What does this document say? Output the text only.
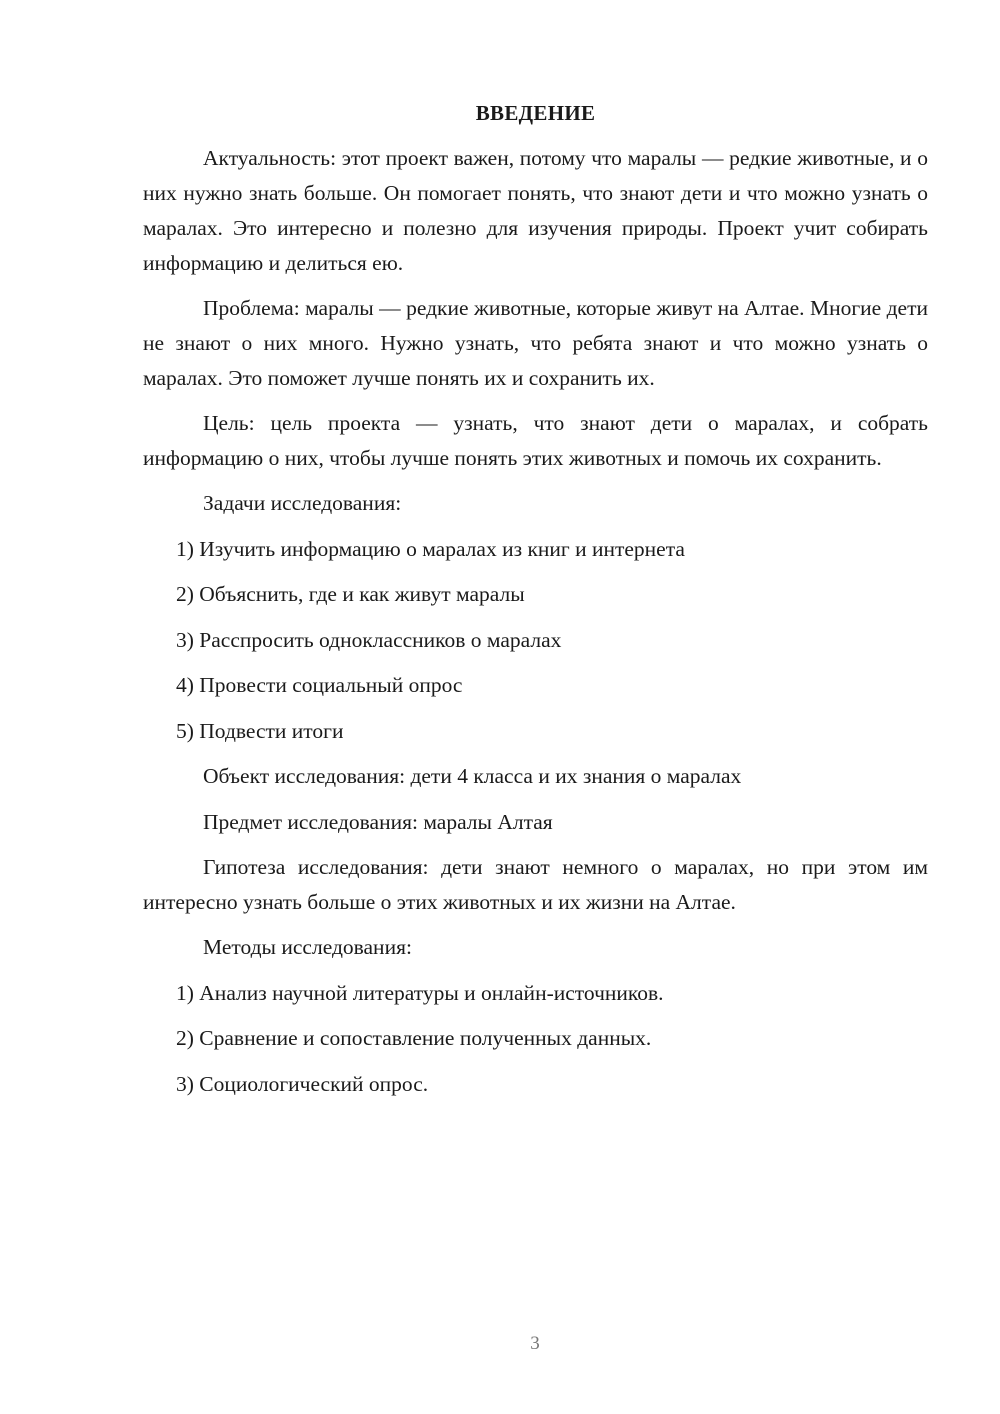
ВВЕДЕНИЕ

Актуальность: этот проект важен, потому что маралы — редкие животные, и о них нужно знать больше. Он помогает понять, что знают дети и что можно узнать о маралах. Это интересно и полезно для изучения природы. Проект учит собирать информацию и делиться ею.

Проблема: маралы — редкие животные, которые живут на Алтае. Многие дети не знают о них много. Нужно узнать, что ребята знают и что можно узнать о маралах. Это поможет лучше понять их и сохранить их.

Цель: цель проекта — узнать, что знают дети о маралах, и собрать информацию о них, чтобы лучше понять этих животных и помочь их сохранить.

Задачи исследования:
1) Изучить информацию о маралах из книг и интернета
2) Объяснить, где и как живут маралы
3) Расспросить одноклассников о маралах
4) Провести социальный опрос
5) Подвести итоги
Объект исследования: дети 4 класса и их знания о маралах
Предмет исследования: маралы Алтая

Гипотеза исследования: дети знают немного о маралах, но при этом им интересно узнать больше о этих животных и их жизни на Алтае.

Методы исследования:
1) Анализ научной литературы и онлайн-источников.
2) Сравнение и сопоставление полученных данных.
3) Социологический опрос.
3
